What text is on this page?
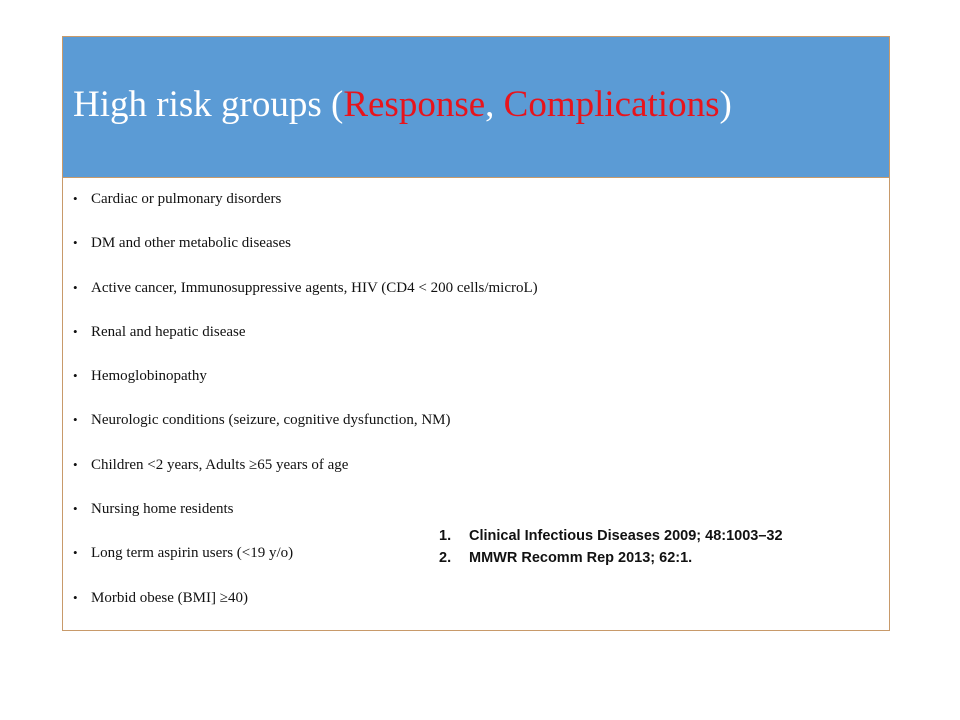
High risk groups (Response, Complications)
• Cardiac or pulmonary disorders
• DM and other metabolic diseases
• Active cancer, Immunosuppressive agents, HIV (CD4 < 200 cells/microL)
• Renal and hepatic disease
• Hemoglobinopathy
• Neurologic conditions (seizure, cognitive dysfunction, NM)
• Children <2 years, Adults ≥65 years of age
• Nursing home residents
• Long term aspirin users (<19 y/o)
• Morbid obese (BMI] ≥40)
1.	Clinical Infectious Diseases 2009; 48:1003–32
2.	MMWR Recomm Rep 2013; 62:1.
